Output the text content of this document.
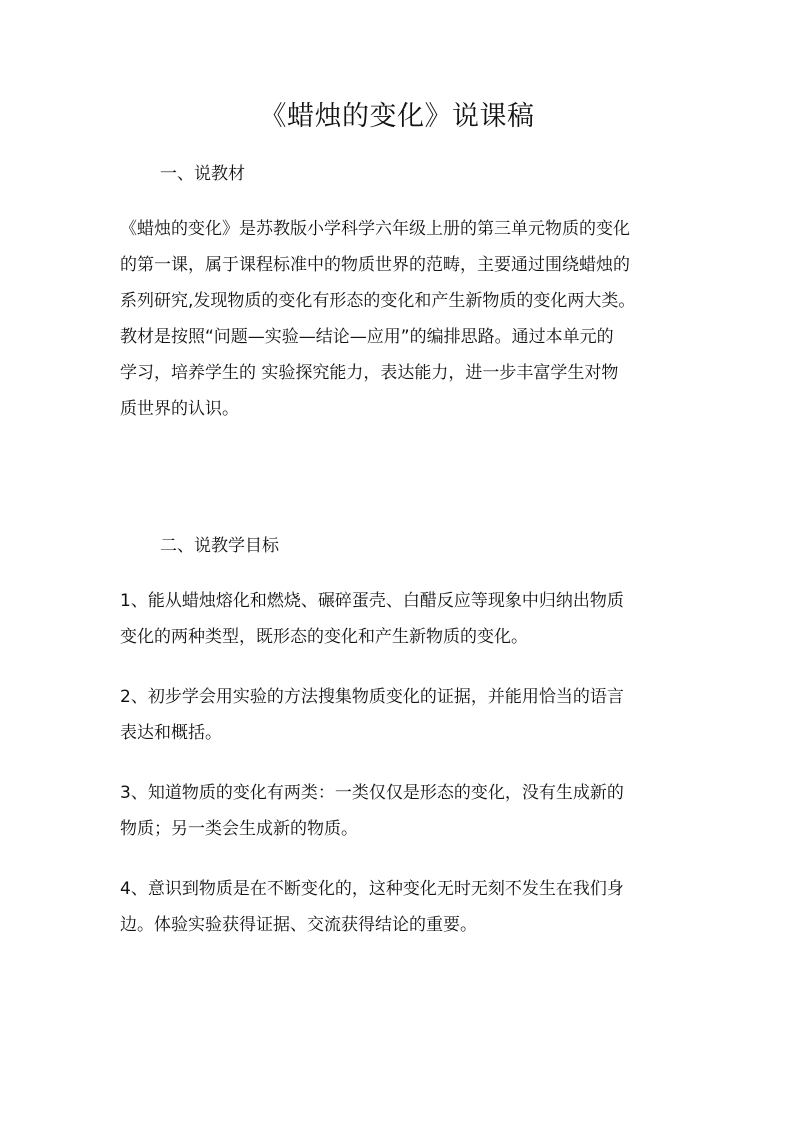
《蜡烛的变化》说课稿

一、说教材

《蜡烛的变化》是苏教版小学科学六年级上册的第三单元物质的变化
的第一课，属于课程标准中的物质世界的范畴，主要通过围绕蜡烛的
系列研究,发现物质的变化有形态的变化和产生新物质的变化两大类。
教材是按照“问题—实验—结论—应用”的编排思路。通过本单元的
学习，培养学生的 实验探究能力，表达能力，进一步丰富学生对物
质世界的认识。

二、说教学目标

1、能从蜡烛熔化和燃烧、碾碎蛋壳、白醋反应等现象中归纳出物质
变化的两种类型，既形态的变化和产生新物质的变化。
2、初步学会用实验的方法搜集物质变化的证据，并能用恰当的语言
表达和概括。
3、知道物质的变化有两类：一类仅仅是形态的变化，没有生成新的
物质；另一类会生成新的物质。
4、意识到物质是在不断变化的，这种变化无时无刻不发生在我们身
边。体验实验获得证据、交流获得结论的重要。
